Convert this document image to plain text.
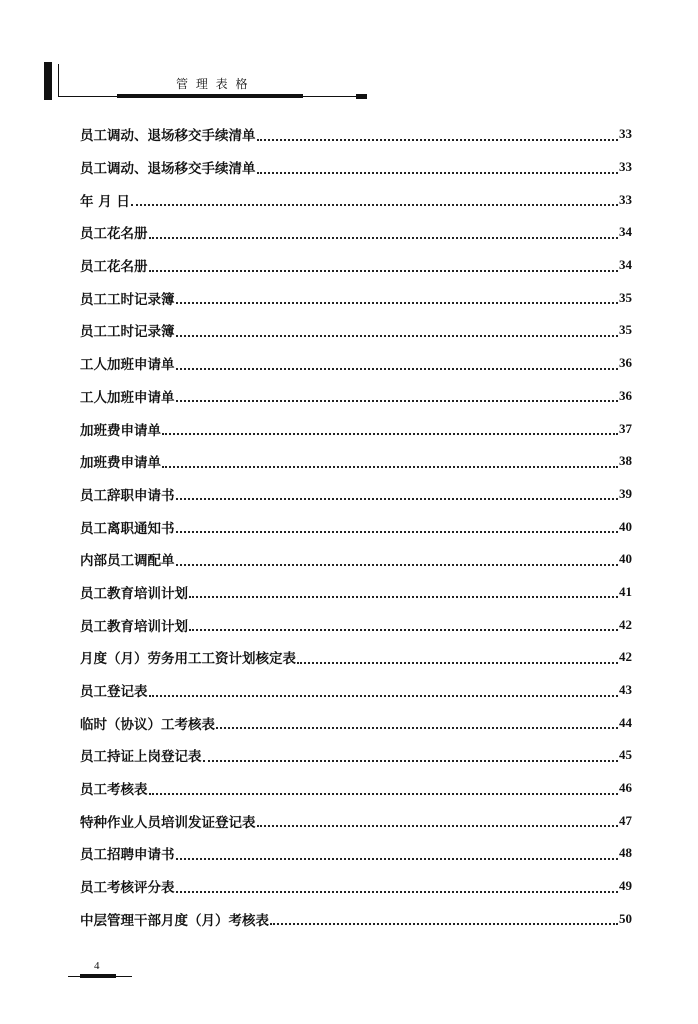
管 理 表 格
员工调动、退场移交手续清单	33
员工调动、退场移交手续清单	33
年 月 日	33
员工花名册	34
员工花名册	34
员工工时记录簿	35
员工工时记录簿	35
工人加班申请单	36
工人加班申请单	36
加班费申请单	37
加班费申请单	38
员工辞职申请书	39
员工离职通知书	40
内部员工调配单	40
员工教育培训计划	41
员工教育培训计划	42
月度（月）劳务用工工资计划核定表	42
员工登记表	43
临时（协议）工考核表	44
员工持证上岗登记表	45
员工考核表	46
特种作业人员培训发证登记表	47
员工招聘申请书	48
员工考核评分表	49
中层管理干部月度（月）考核表	50
4
